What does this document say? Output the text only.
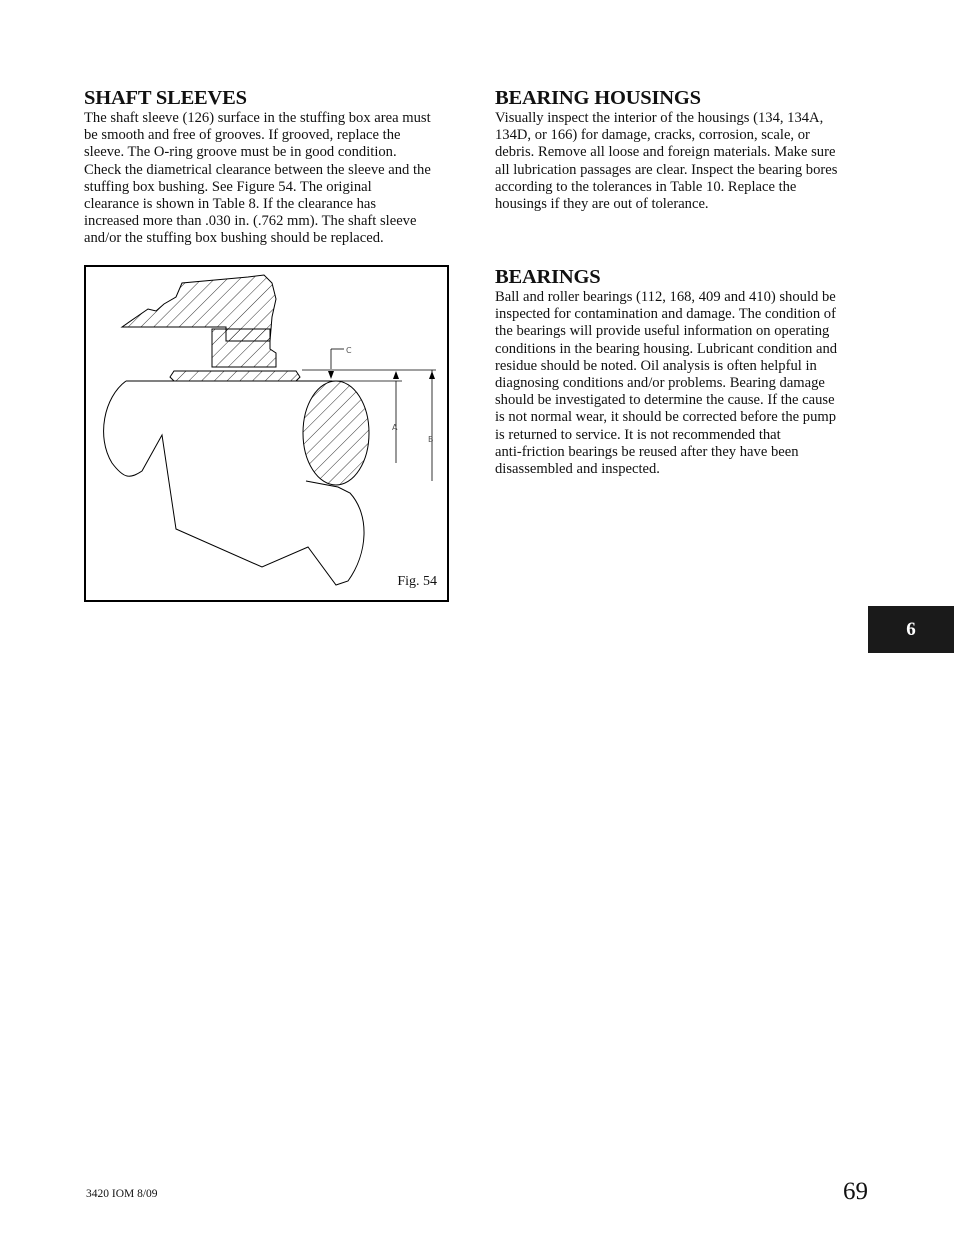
SHAFT SLEEVES

The shaft sleeve (126) surface in the stuffing box area must
be smooth and free of grooves. If grooved, replace the
sleeve. The O-ring groove must be in good condition.
Check the diametrical clearance between the sleeve and the
stuffing box bushing. See Figure 54. The original
clearance is shown in Table 8. If the clearance has
increased more than .030 in. (.762 mm). The shaft sleeve
and/or the stuffing box bushing should be replaced.

BEARING HOUSINGS

Visually inspect the interior of the housings (134, 134A,
134D, or 166) for damage, cracks, corrosion, scale, or
debris. Remove all loose and foreign materials. Make sure
all lubrication passages are clear. Inspect the bearing bores
according to the tolerances in Table 10. Replace the
housings if they are out of tolerance.

BEARINGS

Ball and roller bearings (112, 168, 409 and 410) should be
inspected for contamination and damage. The condition of
the bearings will provide useful information on operating
conditions in the bearing housing. Lubricant condition and
residue should be noted. Oil analysis is often helpful in
diagnosing conditions and/or problems. Bearing damage
should be investigated to determine the cause. If the cause
is not normal wear, it should be corrected before the pump
is returned to service. It is not recommended that
anti-friction bearings be reused after they have been
disassembled and inspected.

A
B
C
Fig. 54
6
3420 IOM 8/09	69
